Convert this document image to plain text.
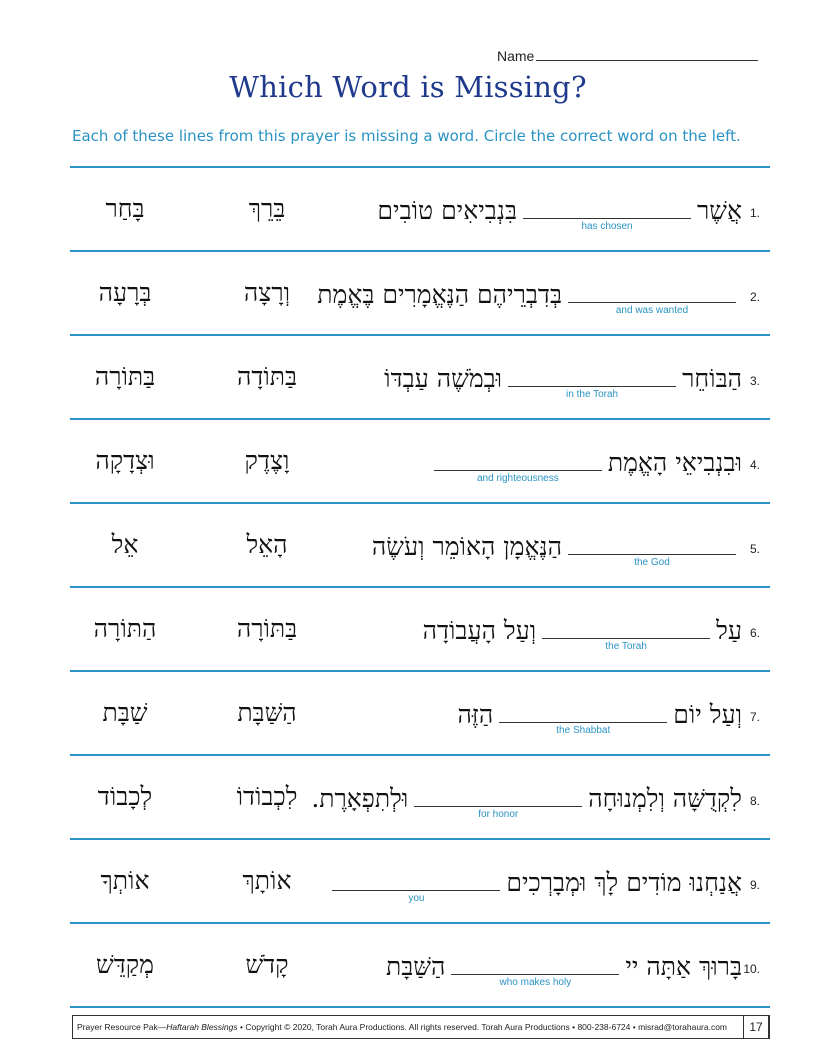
Name
Which Word is Missing?
Each of these lines from this prayer is missing a word. Circle the correct word on the left.
1.
אֲשֶׁר
has chosen
בִּנְבִיאִים טוֹבִים
בֵּרֵךְ
בָּחַר
2.
and was wanted
בְּדִבְרֵיהֶם הַנֶּאֱמָרִים בֶּאֱמֶת
וְרָצָה
בְּרָעָה
3.
הַבּוֹחֵר
in the Torah
וּבְמֹשֶׁה עַבְדּוֹ
בַּתּוֹדָה
בַּתּוֹרָה
4.
וּבִנְבִיאֵי הָאֱמֶת
and righteousness
וָצֶדֶק
וּצְדָקָה
5.
the God
הַנֶּאֱמָן הָאוֹמֵר וְעֹשֶׂה
הָאֵל
אֵל
6.
עַל
the Torah
וְעַל הָעֲבוֹדָה
בַּתּוֹרָה
הַתּוֹרָה
7.
וְעַל יוֹם
the Shabbat
הַזֶּה
הַשַּׁבָּת
שַׁבָּת
8.
לִקְדֻשָּׁה וְלִמְנוּחָה
for honor
וּלְתִפְאָרֶת.
לִכְבוֹדוֹ
לְכָבוֹד
9.
אֲנַחְנוּ מוֹדִים לָךְ וּמְבָרְכִים
you
אוֹתָךְ
אוֹתְךָ
10.
בָּרוּךְ אַתָּה יי
who makes holy
הַשַּׁבָּת
קָדֹשׁ
מְקַדֵּשׁ
Prayer Resource Pak—Haftarah Blessings • Copyright © 2020, Torah Aura Productions. All rights reserved. Torah Aura Productions • 800-238-6724 • misrad@torahaura.com	17
